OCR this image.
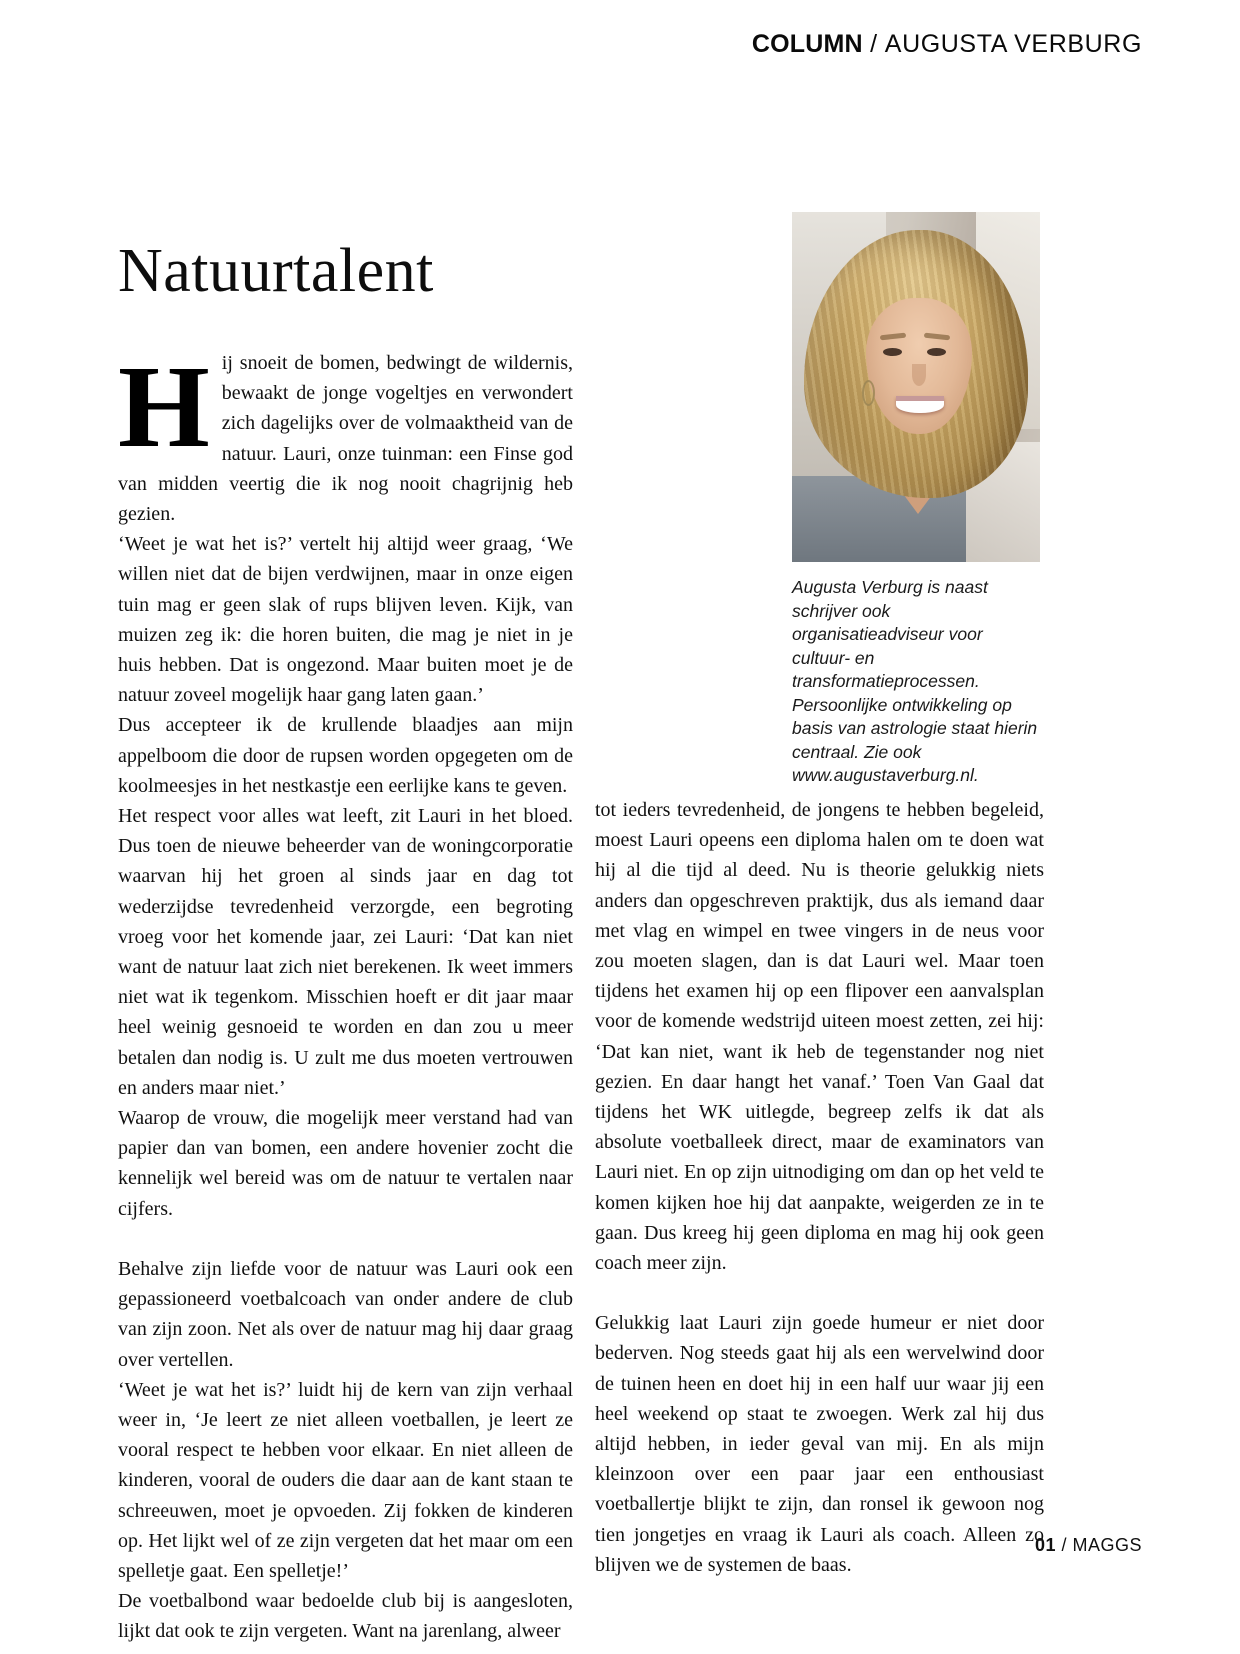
COLUMN / AUGUSTA VERBURG
Natuurtalent
Augusta Verburg is naast schrijver ook organisatieadviseur voor cultuur- en transformatieprocessen. Persoonlijke ontwikkeling op basis van astrologie staat hierin centraal. Zie ook www.augustaverburg.nl.

Hij snoeit de bomen, bedwingt de wildernis, bewaakt de jonge vogeltjes en verwondert zich dagelijks over de volmaaktheid van de natuur. Lauri, onze tuinman: een Finse god van midden veertig die ik nog nooit chagrijnig heb gezien.

‘Weet je wat het is?’ vertelt hij altijd weer graag, ‘We willen niet dat de bijen verdwijnen, maar in onze eigen tuin mag er geen slak of rups blijven leven. Kijk, van muizen zeg ik: die horen buiten, die mag je niet in je huis hebben. Dat is ongezond. Maar buiten moet je de natuur zoveel mogelijk haar gang laten gaan.’

Dus accepteer ik de krullende blaadjes aan mijn appelboom die door de rupsen worden opgegeten om de koolmeesjes in het nestkastje een eerlijke kans te geven.

Het respect voor alles wat leeft, zit Lauri in het bloed. Dus toen de nieuwe beheerder van de woningcorporatie waarvan hij het groen al sinds jaar en dag tot wederzijdse tevredenheid verzorgde, een begroting vroeg voor het komende jaar, zei Lauri: ‘Dat kan niet want de natuur laat zich niet berekenen. Ik weet immers niet wat ik tegenkom. Misschien hoeft er dit jaar maar heel weinig gesnoeid te worden en dan zou u meer betalen dan nodig is. U zult me dus moeten vertrouwen en anders maar niet.’

Waarop de vrouw, die mogelijk meer verstand had van papier dan van bomen, een andere hovenier zocht die kennelijk wel bereid was om de natuur te vertalen naar cijfers.

Behalve zijn liefde voor de natuur was Lauri ook een gepassioneerd voetbalcoach van onder andere de club van zijn zoon. Net als over de natuur mag hij daar graag over vertellen.

‘Weet je wat het is?’ luidt hij de kern van zijn verhaal weer in, ‘Je leert ze niet alleen voetballen, je leert ze vooral respect te hebben voor elkaar. En niet alleen de kinderen, vooral de ouders die daar aan de kant staan te schreeuwen, moet je opvoeden. Zij fokken de kinderen op. Het lijkt wel of ze zijn vergeten dat het maar om een spelletje gaat. Een spelletje!’

De voetbalbond waar bedoelde club bij is aangesloten, lijkt dat ook te zijn vergeten. Want na jarenlang, alweer

tot ieders tevredenheid, de jongens te hebben begeleid, moest Lauri opeens een diploma halen om te doen wat hij al die tijd al deed. Nu is theorie gelukkig niets anders dan opgeschreven praktijk, dus als iemand daar met vlag en wimpel en twee vingers in de neus voor zou moeten slagen, dan is dat Lauri wel. Maar toen tijdens het examen hij op een flipover een aanvalsplan voor de komende wedstrijd uiteen moest zetten, zei hij: ‘Dat kan niet, want ik heb de tegenstander nog niet gezien. En daar hangt het vanaf.’ Toen Van Gaal dat tijdens het WK uitlegde, begreep zelfs ik dat als absolute voetballeek direct, maar de examinators van Lauri niet. En op zijn uitnodiging om dan op het veld te komen kijken hoe hij dat aanpakte, weigerden ze in te gaan. Dus kreeg hij geen diploma en mag hij ook geen coach meer zijn.

Gelukkig laat Lauri zijn goede humeur er niet door bederven. Nog steeds gaat hij als een wervelwind door de tuinen heen en doet hij in een half uur waar jij een heel weekend op staat te zwoegen. Werk zal hij dus altijd hebben, in ieder geval van mij. En als mijn kleinzoon over een paar jaar een enthousiast voetballertje blijkt te zijn, dan ronsel ik gewoon nog tien jongetjes en vraag ik Lauri als coach. Alleen zo blijven we de systemen de baas.

01 / MAGGS
